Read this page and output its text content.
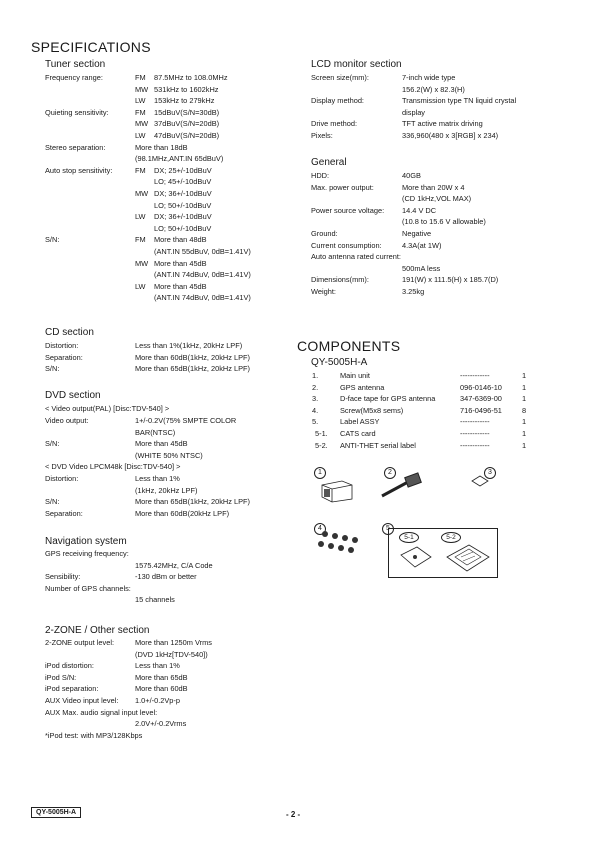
SPECIFICATIONS
Tuner section
Frequency range:	FM 87.5MHz to 108.0MHz
MW 531kHz to 1602kHz
LW 153kHz to 279kHz
Quieting sensitivity:	FM 15dBuV(S/N=30dB)
MW 37dBuV(S/N=20dB)
LW 47dBuV(S/N=20dB)
Stereo separation:	More than 18dB
(98.1MHz,ANT.IN 65dBuV)
Auto stop sensitivity:	FM DX; 25+/-10dBuV
LO; 45+/-10dBuV
MW DX; 36+/-10dBuV
LO; 50+/-10dBuV
LW DX; 36+/-10dBuV
LO; 50+/-10dBuV
S/N:	FM More than 48dB
(ANT.IN 55dBuV, 0dB=1.41V)
MW More than 45dB
(ANT.IN 74dBuV, 0dB=1.41V)
LW More than 45dB
(ANT.IN 74dBuV, 0dB=1.41V)
CD section
Distortion:	Less than 1%(1kHz, 20kHz LPF)
Separation:	More than 60dB(1kHz, 20kHz LPF)
S/N:	More than 65dB(1kHz, 20kHz LPF)
DVD section
< Video output(PAL) [Disc:TDV-540] >
Video output:	1+/-0.2V(75% SMPTE COLOR
BAR(NTSC)
S/N:	More than 45dB
(WHITE 50% NTSC)
< DVD Video LPCM48k [Disc:TDV-540] >
Distortion:	Less than 1%
(1kHz, 20kHz LPF)
S/N:	More than 65dB(1kHz, 20kHz LPF)
Separation:	More than 60dB(20kHz LPF)
Navigation system
GPS receiving frequency:
1575.42MHz, C/A Code
Sensibility:	-130 dBm or better
Number of GPS channels:
15 channels
2-ZONE / Other section
2-ZONE output level:	More than 1250m Vrms
(DVD 1kHz[TDV-540])
iPod distortion:	Less than 1%
iPod S/N:	More than 65dB
iPod separation:	More than 60dB
AUX Video input level: 1.0+/-0.2Vp-p
AUX Max. audio signal input level:
2.0V+/-0.2Vrms
*iPod test: with MP3/128Kbps
LCD monitor section
Screen size(mm):	7-inch wide type
156.2(W) x 82.3(H)
Display method:	Transmission type TN liquid crystal
display
Drive method:	TFT active matrix driving
Pixels:	336,960(480 x 3[RGB] x 234)
General
HDD:	40GB
Max. power output:	More than 20W x 4
(CD 1kHz,VOL MAX)
Power source voltage: 14.4 V DC
(10.8 to 15.6 V allowable)
Ground:	Negative
Current consumption:	4.3A(at 1W)
Auto antenna rated current:
500mA less
Dimensions(mm):	191(W) x 111.5(H) x 185.7(D)
Weight:	3.25kg
COMPONENTS
QY-5005H-A
1.	Main unit	------------	1
2.	GPS antenna	096-0146-10	1
3.	D-face tape for GPS antenna	347-6369-00	1
4.	Screw(M5x8 sems)	716-0496-51	8
5.	Label ASSY	------------	1
5-1. CATS card	------------	1
5-2. ANTI-THET serial label	------------	1
1	2	3
4	5
5-1	5-2
QY-5005H-A	- 2 -
